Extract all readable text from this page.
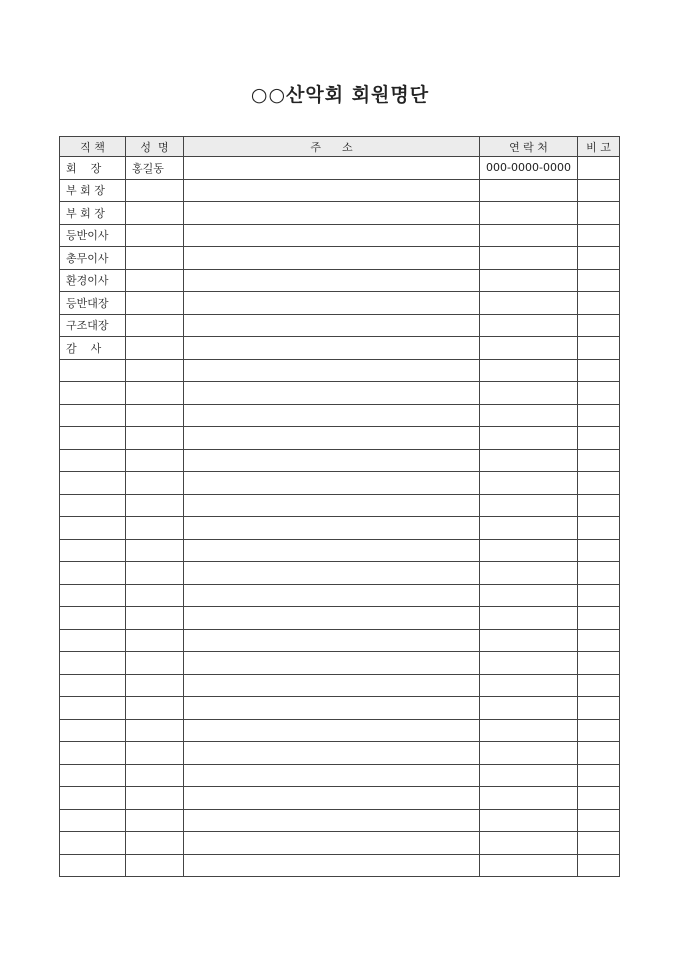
○○산악회 회원명단
직 책	성  명	주      소	연 락 처	비 고
회    장	홍길동		000-0000-0000	
부 회 장				
부 회 장				
등반이사				
총무이사				
환경이사				
등반대장				
구조대장				
감    사				
